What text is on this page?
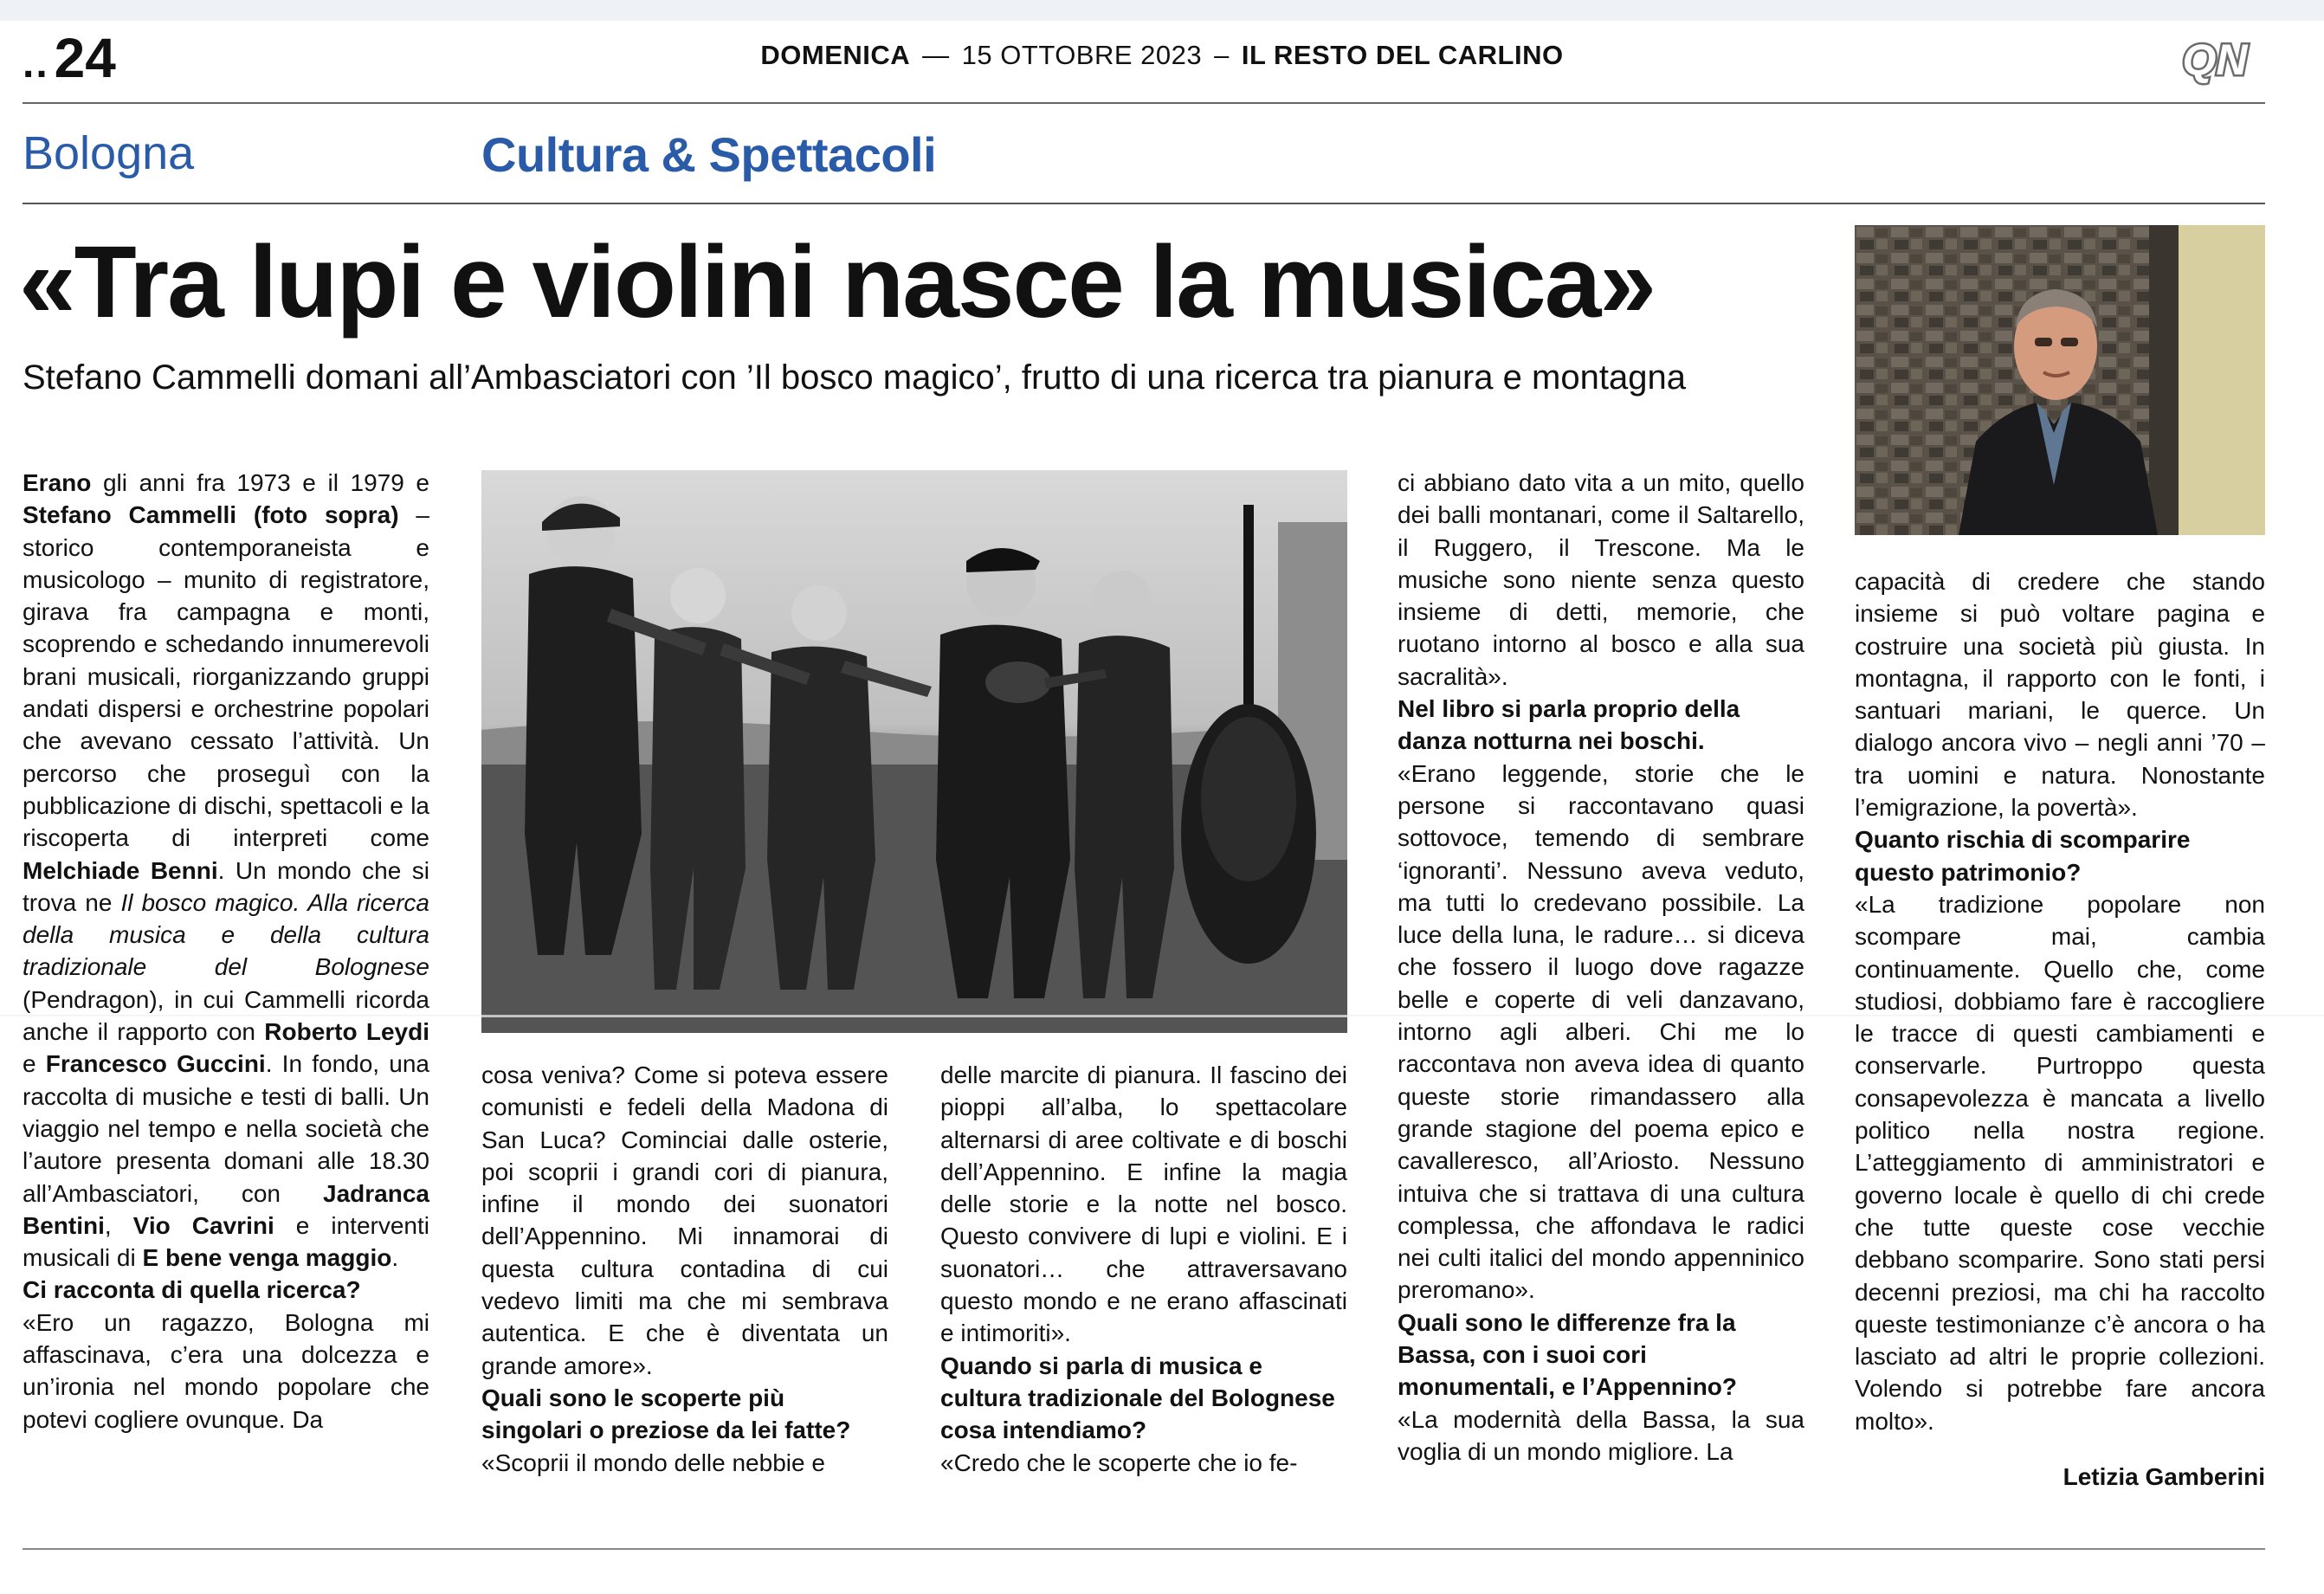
.. 24	DOMENICA — 15 OTTOBRE 2023 – IL RESTO DEL CARLINO	QN
Bologna	Cultura & Spettacoli
«Tra lupi e violini nasce la musica»
Stefano Cammelli domani all’Ambasciatori con ’Il bosco magico’, frutto di una ricerca tra pianura e montagna

Erano gli anni fra 1973 e il 1979 e Stefano Cammelli (foto sopra) – storico contemporaneista e musicologo – munito di registratore, girava fra campagna e monti, scoprendo e schedando innumerevoli brani musicali, riorganizzando gruppi andati dispersi e orchestrine popolari che avevano cessato l’attività. Un percorso che proseguì con la pubblicazione di dischi, spettacoli e la riscoperta di interpreti come Melchiade Benni. Un mondo che si trova ne Il bosco magico. Alla ricerca della musica e della cultura tradizionale del Bolognese (Pendragon), in cui Cammelli ricorda anche il rapporto con Roberto Leydi e Francesco Guccini. In fondo, una raccolta di musiche e testi di balli. Un viaggio nel tempo e nella società che l’autore presenta domani alle 18.30 all’Ambasciatori, con Jadranca Bentini, Vio Cavrini e interventi musicali di E bene venga maggio.

Ci racconta di quella ricerca?

«Ero un ragazzo, Bologna mi affascinava, c’era una dolcezza e un’ironia nel mondo popolare che potevi cogliere ovunque. Da

cosa veniva? Come si poteva essere comunisti e fedeli della Madona di San Luca? Cominciai dalle osterie, poi scoprii i grandi cori di pianura, infine il mondo dei suonatori dell’Appennino. Mi innamorai di questa cultura contadina di cui vedevo limiti ma che mi sembrava autentica. E che è diventata un grande amore».

Quali sono le scoperte più singolari o preziose da lei fatte?

«Scoprii il mondo delle nebbie e

delle marcite di pianura. Il fascino dei pioppi all’alba, lo spettacolare alternarsi di aree coltivate e di boschi dell’Appennino. E infine la magia delle storie e la notte nel bosco. Questo convivere di lupi e violini. E i suonatori… che attraversavano questo mondo e ne erano affascinati e intimoriti».

Quando si parla di musica e cultura tradizionale del Bolognese cosa intendiamo?

«Credo che le scoperte che io fe-

ci abbiano dato vita a un mito, quello dei balli montanari, come il Saltarello, il Ruggero, il Trescone. Ma le musiche sono niente senza questo insieme di detti, memorie, che ruotano intorno al bosco e alla sua sacralità».

Nel libro si parla proprio della danza notturna nei boschi.

«Erano leggende, storie che le persone si raccontavano quasi sottovoce, temendo di sembrare ‘ignoranti’. Nessuno aveva veduto, ma tutti lo credevano possibile. La luce della luna, le radure… si diceva che fossero il luogo dove ragazze belle e coperte di veli danzavano, intorno agli alberi. Chi me lo raccontava non aveva idea di quanto queste storie rimandassero alla grande stagione del poema epico e cavalleresco, all’Ariosto. Nessuno intuiva che si trattava di una cultura complessa, che affondava le radici nei culti italici del mondo appenninico preromano».

Quali sono le differenze fra la Bassa, con i suoi cori monumentali, e l’Appennino?

«La modernità della Bassa, la sua voglia di un mondo migliore. La

capacità di credere che stando insieme si può voltare pagina e costruire una società più giusta. In montagna, il rapporto con le fonti, i santuari mariani, le querce. Un dialogo ancora vivo – negli anni ’70 – tra uomini e natura. Nonostante l’emigrazione, la povertà».

Quanto rischia di scomparire questo patrimonio?

«La tradizione popolare non scompare mai, cambia continuamente. Quello che, come studiosi, dobbiamo fare è raccogliere le tracce di questi cambiamenti e conservarle. Purtroppo questa consapevolezza è mancata a livello politico nella nostra regione. L’atteggiamento di amministratori e governo locale è quello di chi crede che tutte queste cose vecchie debbano scomparire. Sono stati persi decenni preziosi, ma chi ha raccolto queste testimonianze c’è ancora o ha lasciato ad altri le proprie collezioni. Volendo si potrebbe fare ancora molto».

Letizia Gamberini
